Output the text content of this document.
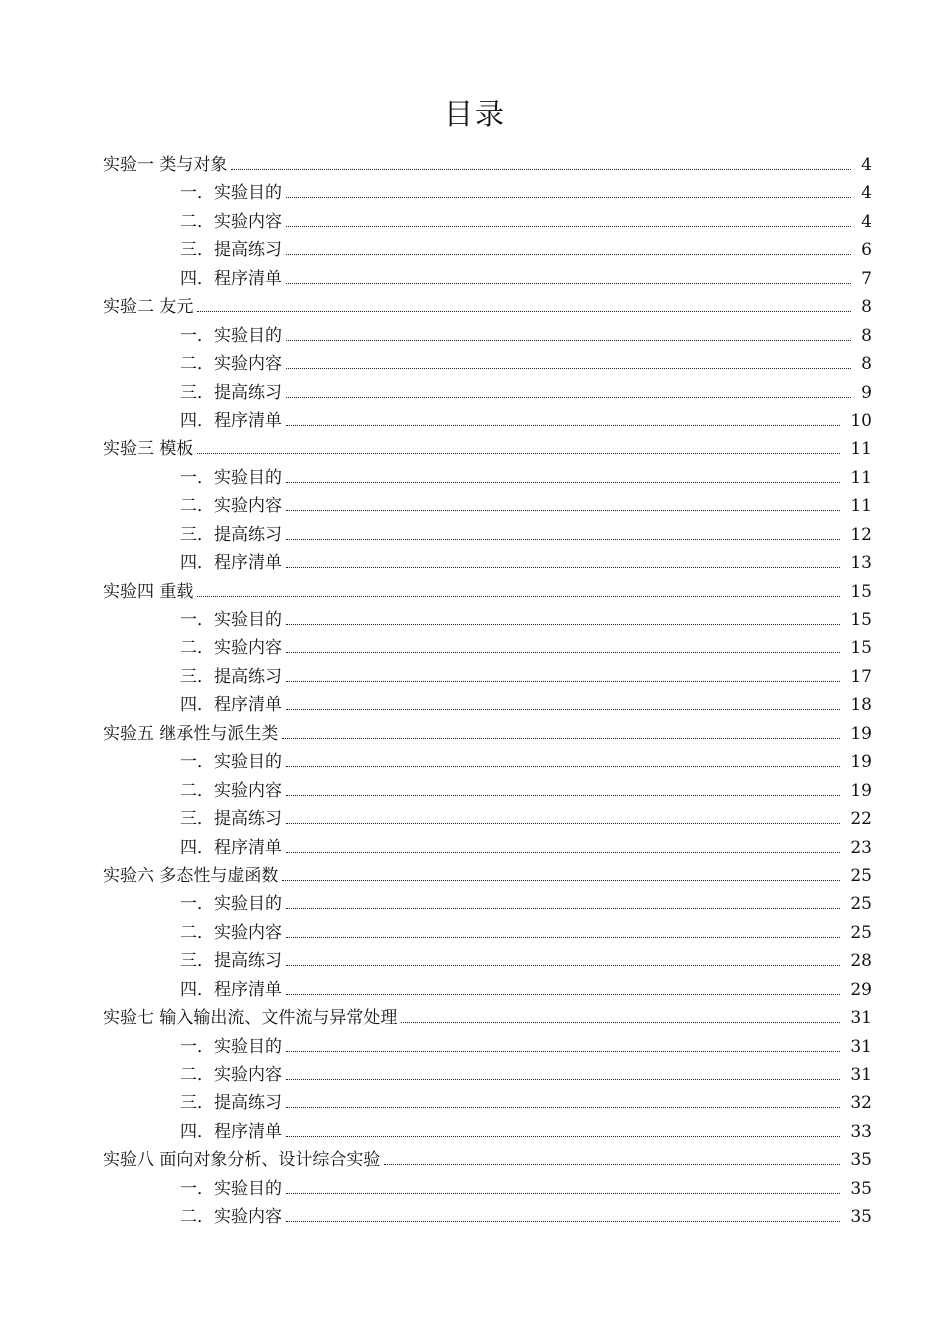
目录
实验一 类与对象	4
一．实验目的	4
二．实验内容	4
三．提高练习	6
四．程序清单	7
实验二 友元	8
一．实验目的	8
二．实验内容	8
三．提高练习	9
四．程序清单	10
实验三 模板	11
一．实验目的	11
二．实验内容	11
三．提高练习	12
四．程序清单	13
实验四 重载	15
一．实验目的	15
二．实验内容	15
三．提高练习	17
四．程序清单	18
实验五 继承性与派生类	19
一．实验目的	19
二．实验内容	19
三．提高练习	22
四．程序清单	23
实验六 多态性与虚函数	25
一．实验目的	25
二．实验内容	25
三．提高练习	28
四．程序清单	29
实验七 输入输出流、文件流与异常处理	31
一．实验目的	31
二．实验内容	31
三．提高练习	32
四．程序清单	33
实验八 面向对象分析、设计综合实验	35
一．实验目的	35
二．实验内容	35
